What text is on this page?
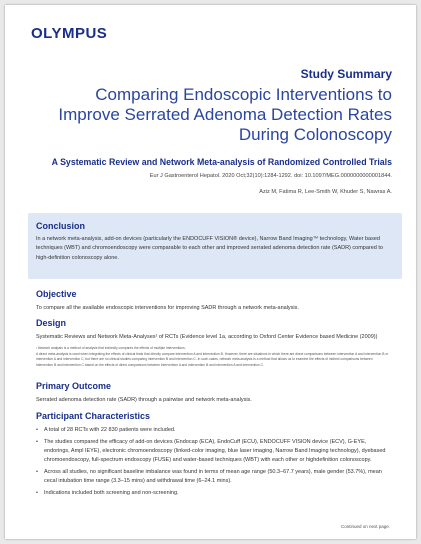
OLYMPUS
Study Summary
Comparing Endoscopic Interventions to Improve Serrated Adenoma Detection Rates During Colonoscopy
A Systematic Review and Network Meta-analysis of Randomized Controlled Trials
Eur J Gastroenterol Hepatol. 2020 Oct;32(10):1284-1292. doi: 10.1097/MEG.0000000000001844.
Aziz M, Fatima R, Lee-Smith W, Khuder S, Nawras A.
Conclusion

In a network meta-analysis, add-on devices (particularly the ENDOCUFF VISION® device), Narrow Band Imaging™ technology, Water based techniques (WBT) and chromoendoscopy were comparable to each other and improved serrated adenoma detection rate (SADR) compared to high-definition colonoscopy alone.

Objective

To compare all the available endoscopic interventions for improving SADR through a network meta-analysis.

Design

Systematic Reviews and Network Meta-Analyses¹ of RCTs (Evidence level 1a, according to Oxford Center Evidence based Medicine (2009))

¹ Network analysis is a method of analysis that indirectly compares the effects of multiple interventions.

A direct meta-analysis is used when integrating the effects of clinical trials that directly compare intervention A and intervention B. However, there are situations in which there are direct comparisons between intervention A and intervention B or intervention A and intervention C, but there are no clinical studies comparing intervention B and intervention C. In such cases, network meta-analysis is a method that allows us to examine the effects of indirect comparisons between intervention B and intervention C based on the effects of direct comparisons between intervention A and intervention B and intervention A and intervention C.

Primary Outcome

Serrated adenoma detection rate (SADR) through a pairwise and network meta-analysis.

Participant Characteristics
• A total of 28 RCTs with 22 830 patients were included.
• The studies compared the efficacy of add-on devices (Endocap (ECA), EndoCuff (ECU), ENDOCUFF VISION device (ECV), G-EYE, endorings, Ampl IEYE), electronic chromoendoscopy (linked-color imaging, blue laser imaging, Narrow Band Imaging technology), dyebased chromoendoscopy, full-spectrum endoscopy (FUSE) and water-based techniques (WBT) with each other or highdefinition colonoscopy.
• Across all studies, no significant baseline imbalance was found in terms of mean age range (50.3–67.7 years), male gender (53.7%), mean cecal intubation time range (3.3–15 mins) and withdrawal time (6–24.1 mins).
• Indications included both screening and non-screening.
Continued on next page.
